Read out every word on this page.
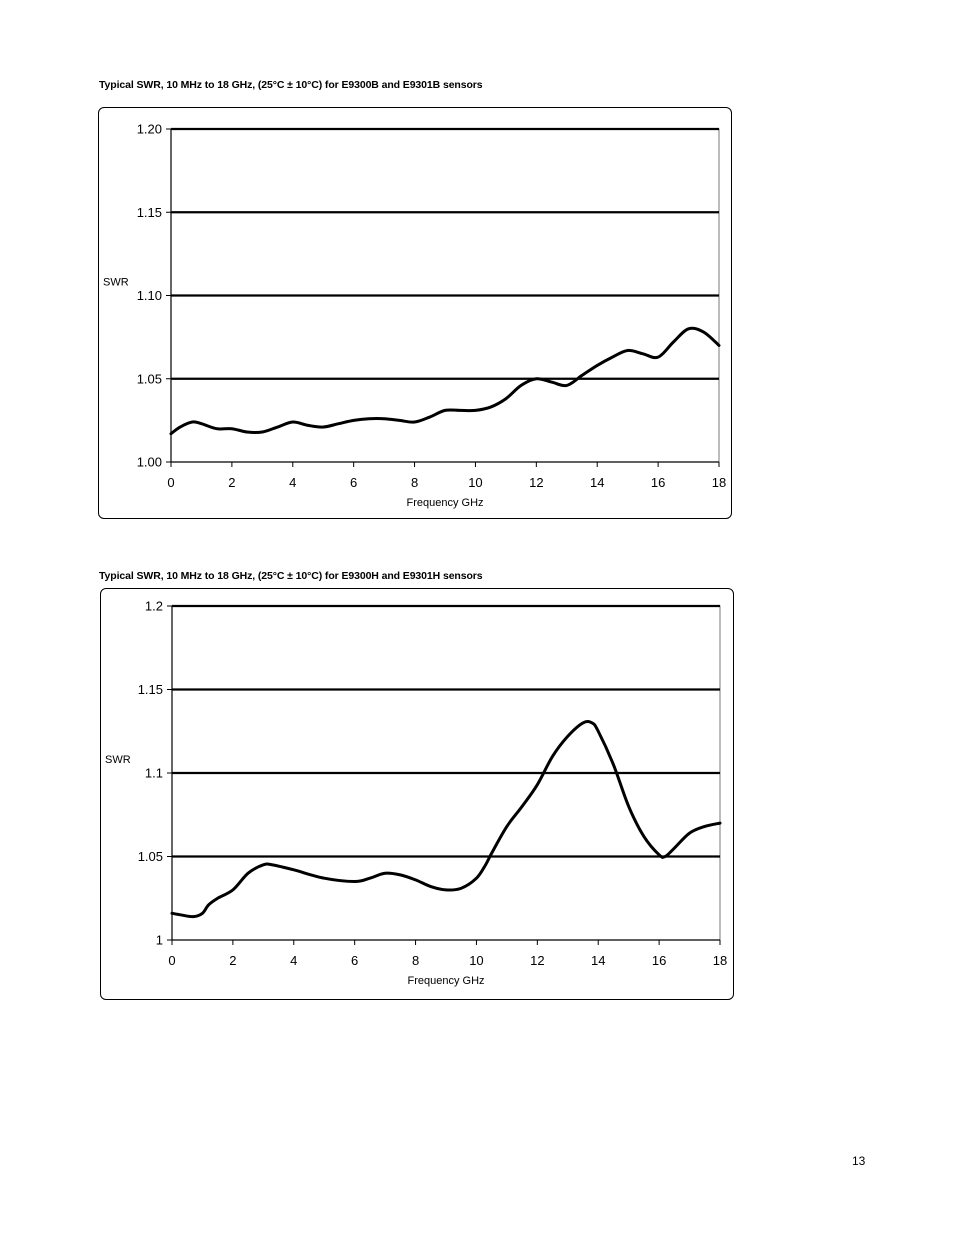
Typical SWR, 10 MHz to 18 GHz, (25°C ± 10°C) for E9300B and E9301B sensors
1.00
1.05
1.10
1.15
1.20
0	2	4	6	8	10	12	14	16	18
Frequency GHz
SWR
Typical SWR, 10 MHz to 18 GHz, (25°C ± 10°C) for E9300H and E9301H sensors
1
1.05
1.1
1.15
1.2
0	2	4	6	8	10	12	14	16	18
Frequency GHz
SWR
13
